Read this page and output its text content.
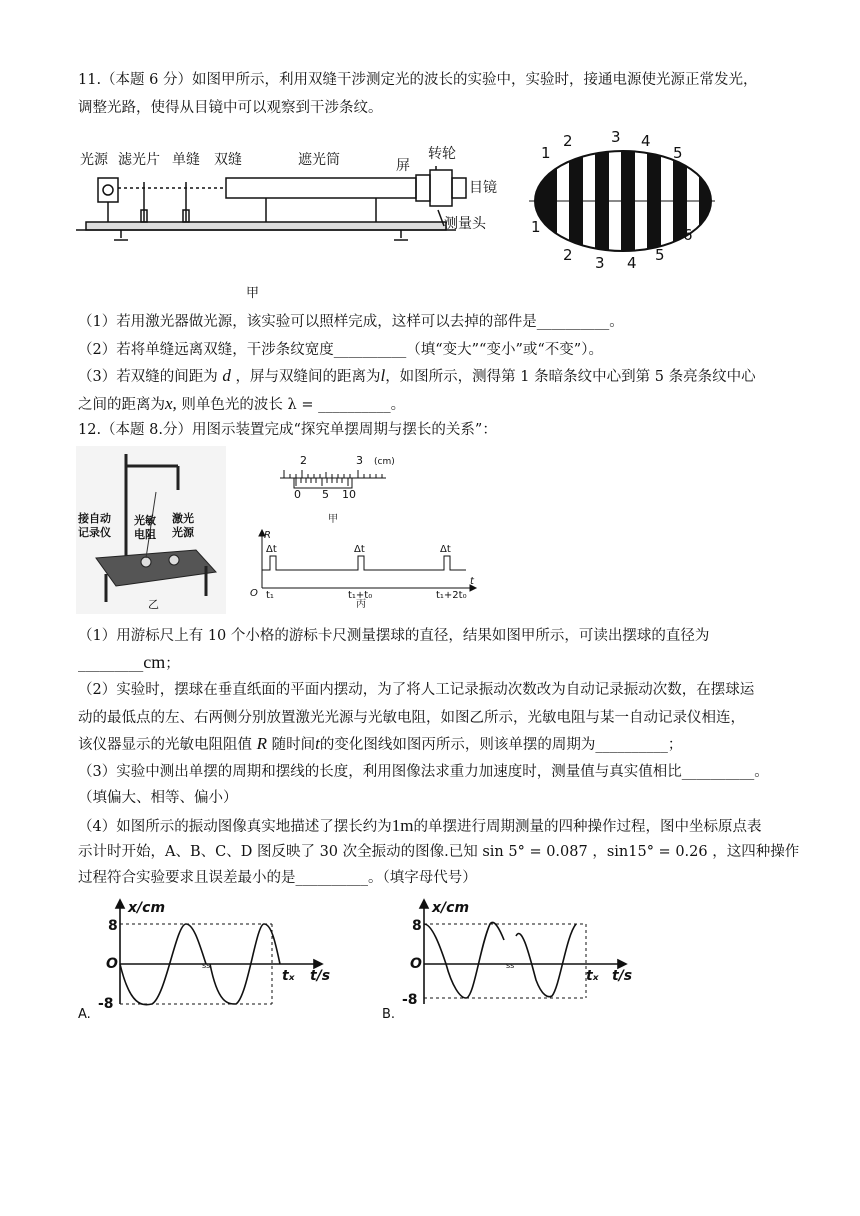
11.（本题 6 分）如图甲所示，利用双缝干涉测定光的波长的实验中，实验时，接通电源使光源正常发光，
调整光路，使得从目镜中可以观察到干涉条纹。
光源 滤光片 单缝 双缝	遮光筒	屏
转轮
目镜
测量头
1
2	3 4
5
1
2 3 4 5
6
甲
（1）若用激光器做光源，该实验可以照样完成，这样可以去掉的部件是__________。
（2）若将单缝远离双缝，干涉条纹宽度__________（填“变大”“变小”或“不变”）。
（3）若双缝的间距为 d ，屏与双缝间的距离为l，如图所示，测得第 1 条暗条纹中心到第 5 条亮条纹中心
之间的距离为x, 则单色光的波长 λ = __________。
12.（本题 8.分）用图示装置完成“探究单摆周期与摆长的关系”：
接自动
记录仪
光敏
电阻
激光
光源
乙
2	3 (cm)
0 5 10
甲
R
t
O
Δt	Δt	Δt
t₁	t₁+t₀	t₁+2t₀
丙
（1）用游标尺上有 10 个小格的游标卡尺测量摆球的直径，结果如图甲所示，可读出摆球的直径为
_________cm；
（2）实验时，摆球在垂直纸面的平面内摆动，为了将人工记录振动次数改为自动记录振动次数，在摆球运
动的最低点的左、右两侧分别放置激光光源与光敏电阻，如图乙所示，光敏电阻与某一自动记录仪相连，
该仪器显示的光敏电阻阻值 R 随时间t的变化图线如图丙所示，则该单摆的周期为__________；
（3）实验中测出单摆的周期和摆线的长度，利用图像法求重力加速度时，测量值与真实值相比__________。
（填偏大、相等、偏小）
（4）如图所示的振动图像真实地描述了摆长约为1m的单摆进行周期测量的四种操作过程，图中坐标原点表
示计时开始，A、B、C、D 图反映了 30 次全振动的图像.已知 sin 5° = 0.087 ，sin15° = 0.26 ，这四种操作
过程符合实验要求且误差最小的是__________。（填字母代号）
ss
x/cm
8
-8
O
tₓ t/s
A.
ss
x/cm
8
-8
O
tₓ t/s
B.
